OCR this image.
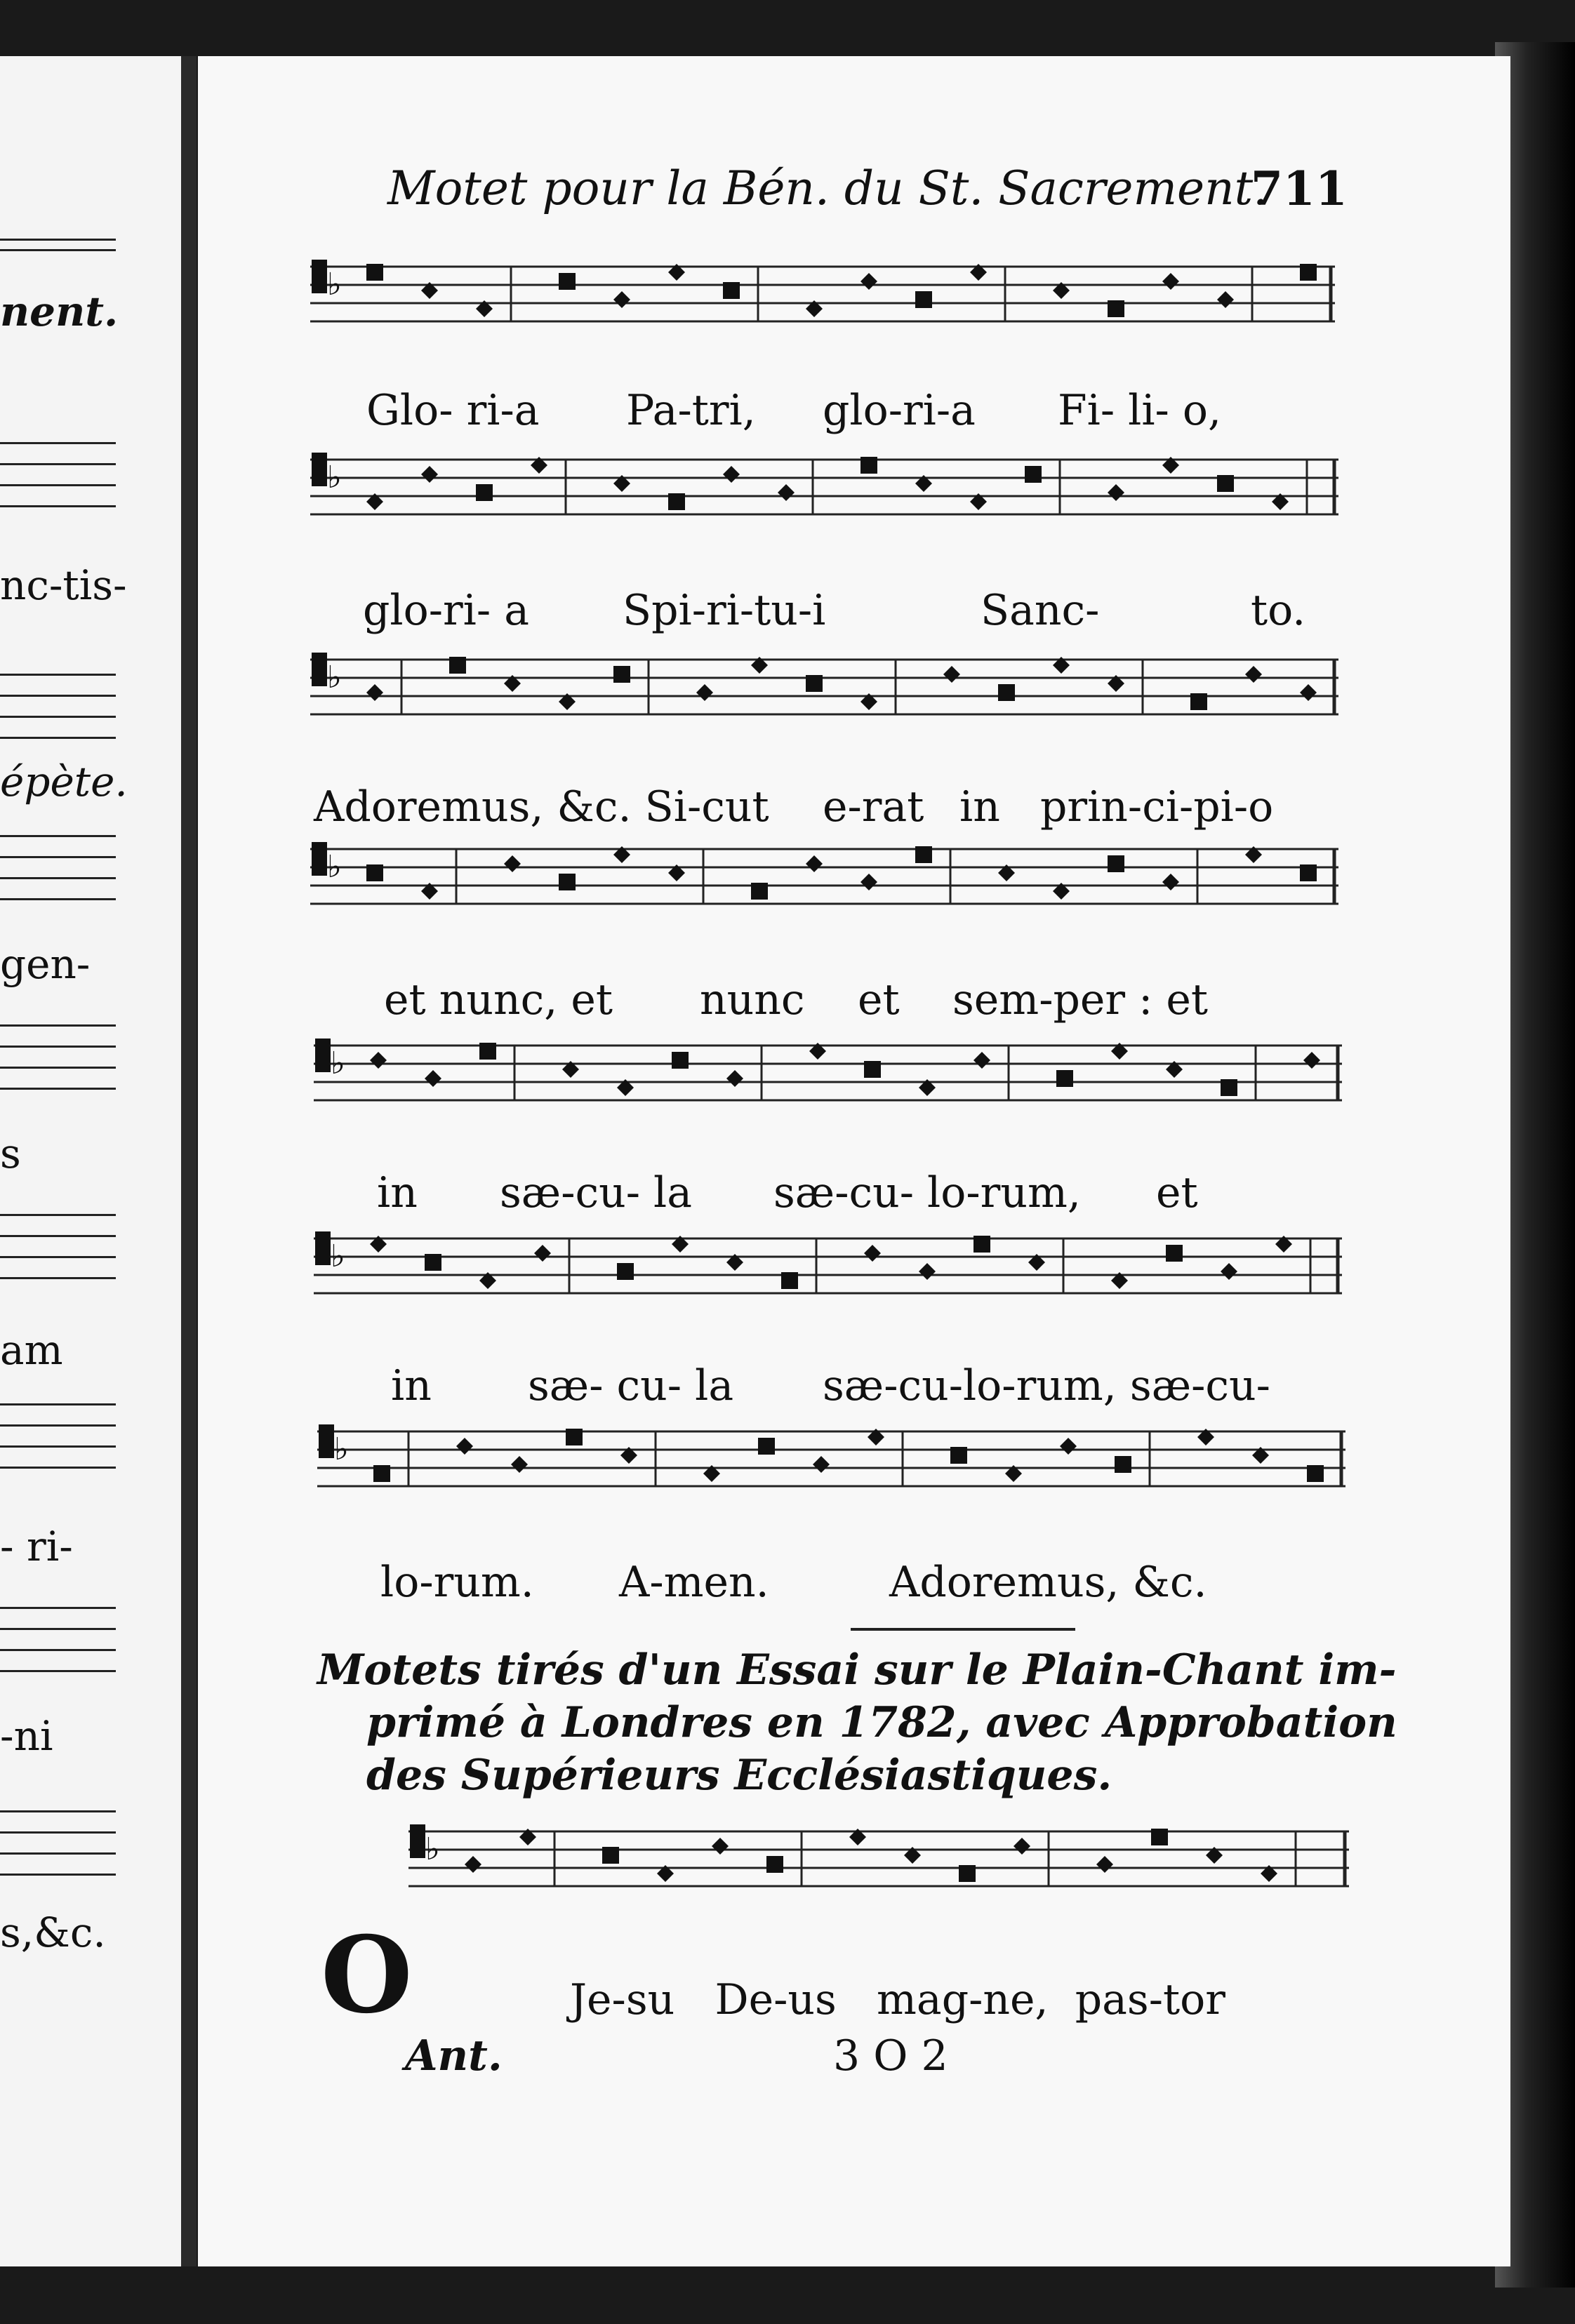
nent.
nc-tis-
épète.
gen-
s
am
- ri-
-ni
s,&c.
Motet pour la Bén. du St. Sacrement.
711
♭
♭
♭
♭
♭
♭
♭
♭
Glo- ri-a Pa-tri, glo-ri-a Fi- li- o,
glo-ri- a Spi-ri-tu-i	Sanc-	to.
Adoremus, &c. Si-cut e-rat in prin-ci-pi-o
et nunc, et nunc et sem-per : et
in sæ-cu- la sæ-cu- lo-rum, et
in sæ- cu- la sæ-cu-lo-rum, sæ-cu-
lo-rum. A-men.	Adoremus, &c.
Motets tirés d'un Essai sur le Plain-Chant im-
primé à Londres en 1782, avec Approbation
des Supérieurs Ecclésiastiques.
O	Je-su   De-us   mag-ne,  pas-tor
Ant.	3 O 2
